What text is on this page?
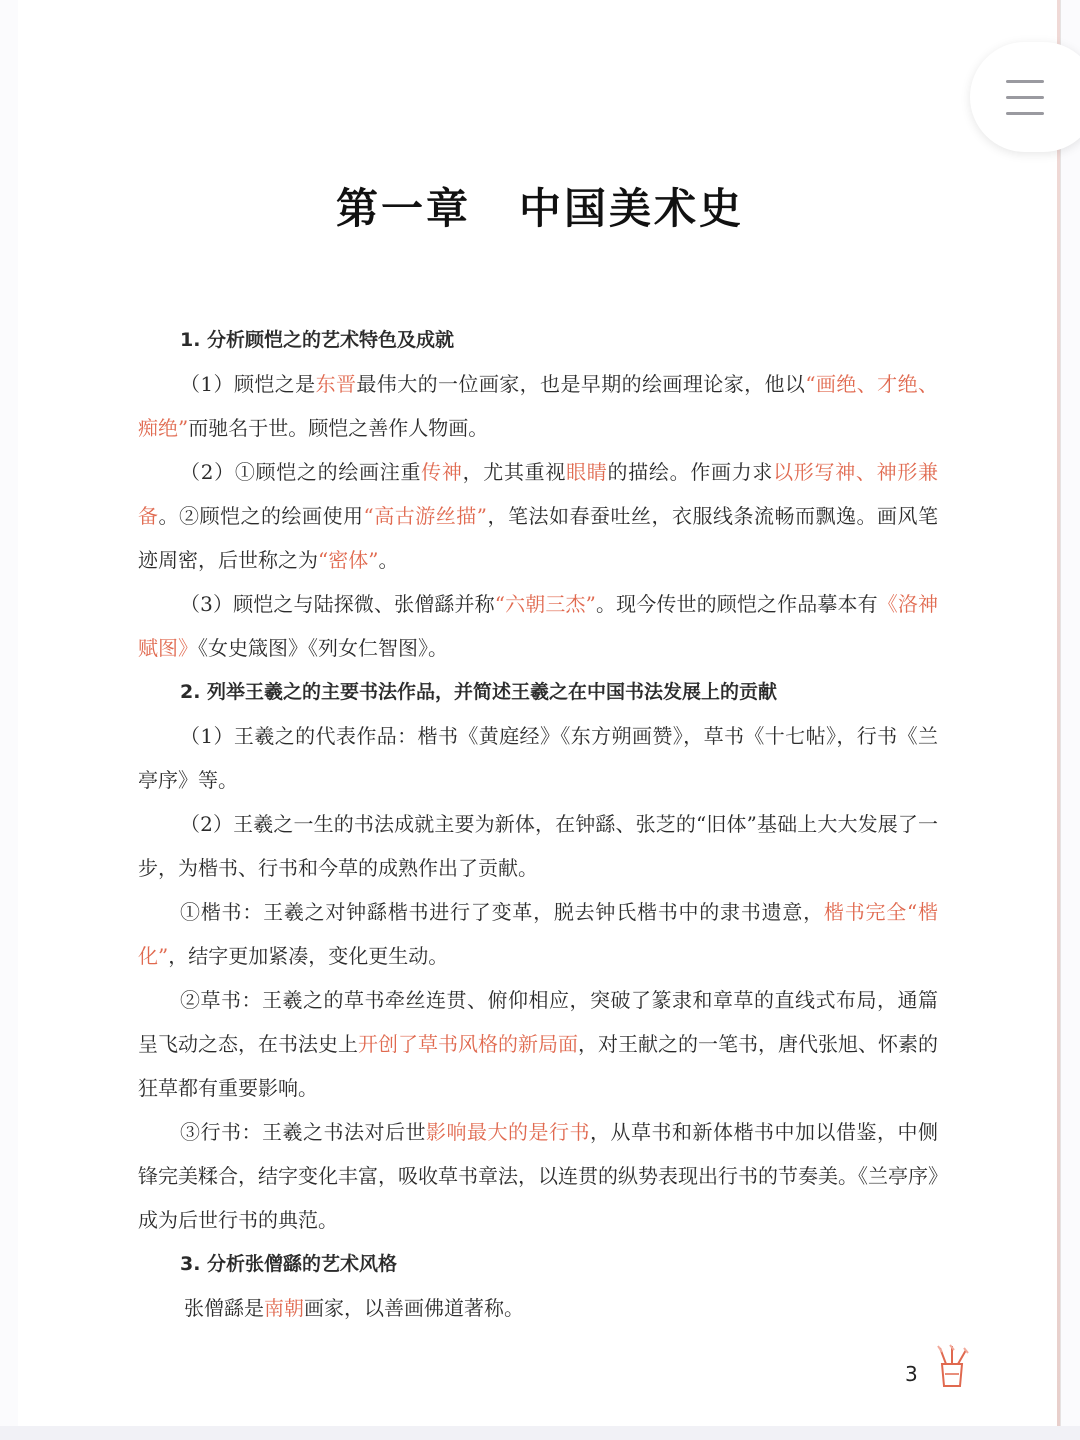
第一章 中国美术史

1. 分析顾恺之的艺术特色及成就

（1）顾恺之是东晋最伟大的一位画家，也是早期的绘画理论家，他以“画绝、才绝、痴绝”而驰名于世。顾恺之善作人物画。

（2）①顾恺之的绘画注重传神，尤其重视眼睛的描绘。作画力求以形写神、神形兼备。②顾恺之的绘画使用“高古游丝描”，笔法如春蚕吐丝，衣服线条流畅而飘逸。画风笔迹周密，后世称之为“密体”。

（3）顾恺之与陆探微、张僧繇并称“六朝三杰”。现今传世的顾恺之作品摹本有《洛神赋图》《女史箴图》《列女仁智图》。

2. 列举王羲之的主要书法作品，并简述王羲之在中国书法发展上的贡献

（1）王羲之的代表作品：楷书《黄庭经》《东方朔画赞》，草书《十七帖》，行书《兰亭序》等。

（2）王羲之一生的书法成就主要为新体，在钟繇、张芝的“旧体”基础上大大发展了一步，为楷书、行书和今草的成熟作出了贡献。

①楷书：王羲之对钟繇楷书进行了变革，脱去钟氏楷书中的隶书遗意，楷书完全“楷化”，结字更加紧凑，变化更生动。

②草书：王羲之的草书牵丝连贯、俯仰相应，突破了篆隶和章草的直线式布局，通篇呈飞动之态，在书法史上开创了草书风格的新局面，对王献之的一笔书，唐代张旭、怀素的狂草都有重要影响。

③行书：王羲之书法对后世影响最大的是行书，从草书和新体楷书中加以借鉴，中侧锋完美糅合，结字变化丰富，吸收草书章法，以连贯的纵势表现出行书的节奏美。《兰亭序》成为后世行书的典范。

3. 分析张僧繇的艺术风格

张僧繇是南朝画家，以善画佛道著称。

3
